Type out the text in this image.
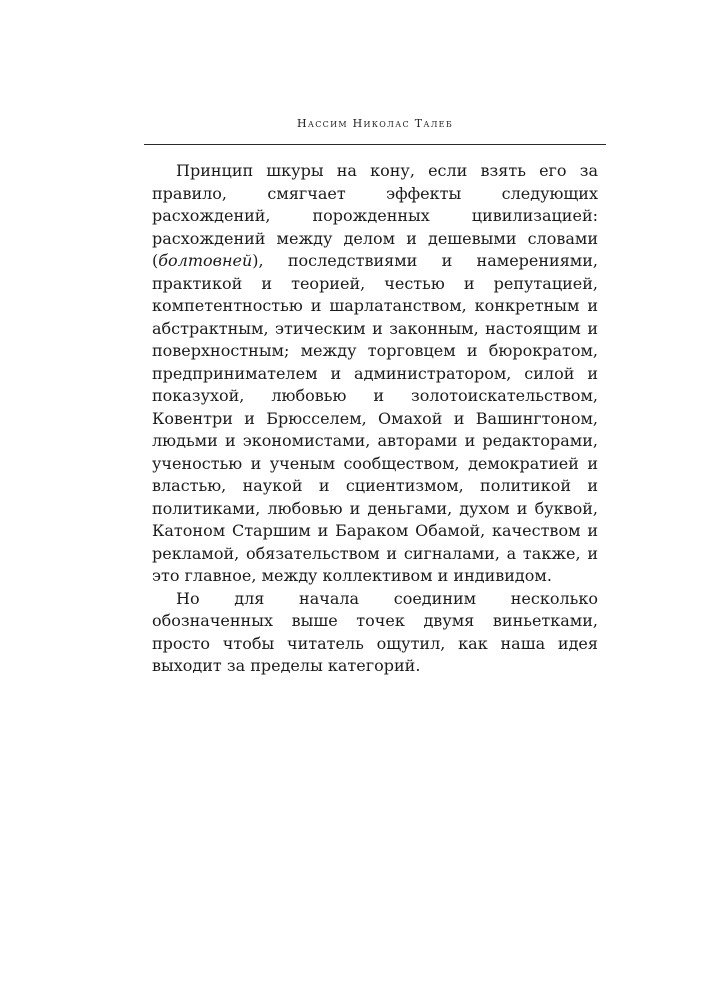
Нассим Николас Талеб

Принцип шкуры на кону, если взять его за правило, смягчает эффекты следующих расхождений, порожденных цивилизацией: расхождений между делом и дешевыми словами (болтовней), последствиями и намерениями, практикой и теорией, честью и репутацией, компетентностью и шарлатанством, конкретным и абстрактным, этическим и законным, настоящим и поверхностным; между торговцем и бюрократом, предпринимателем и администратором, силой и показухой, любовью и золотоискательством, Ковентри и Брюсселем, Омахой и Вашингтоном, людьми и экономистами, авторами и редакторами, ученостью и ученым сообществом, демократией и властью, наукой и сциентизмом, политикой и политиками, любовью и деньгами, духом и буквой, Катоном Старшим и Бараком Обамой, качеством и рекламой, обязательством и сигналами, а также, и это главное, между коллективом и индивидом.

Но для начала соединим несколько обозначенных выше точек двумя виньетками, просто чтобы читатель ощутил, как наша идея выходит за пределы категорий.
